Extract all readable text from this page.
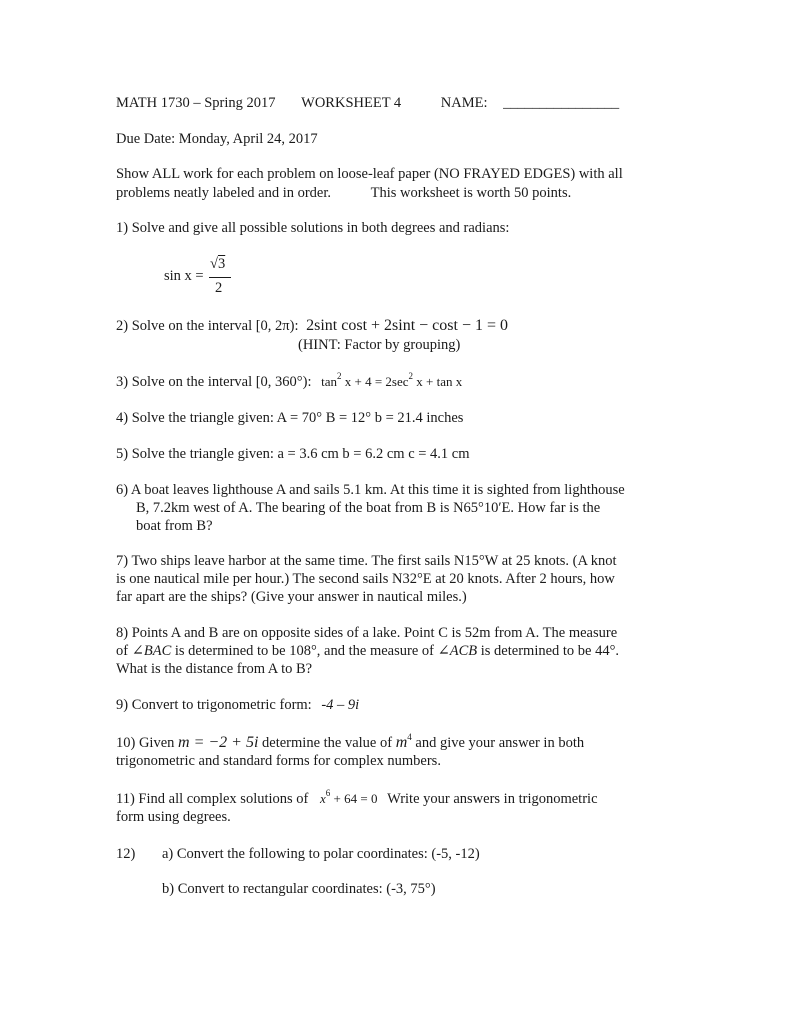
MATH 1730 – Spring 2017 WORKSHEET 4	NAME: ________________
Due Date: Monday, April 24, 2017
Show ALL work for each problem on loose-leaf paper (NO FRAYED EDGES) with all
problems neatly labeled and in order.	This worksheet is worth 50 points.
1) Solve and give all possible solutions in both degrees and radians:
sin x =
√3
2
2) Solve on the interval [0, 2π): 2sint cost + 2sint − cost − 1 = 0
(HINT: Factor by grouping)
3) Solve on the interval [0, 360°): $\tan^2 x + 4 = 2\sec^2$ x + tan x
4) Solve the triangle given: A = 70° B = 12° b = 21.4 inches
5) Solve the triangle given: a = 3.6 cm b = 6.2 cm c = 4.1 cm
6) A boat leaves lighthouse A and sails 5.1 km. At this time it is sighted from lighthouse
B, 7.2km west of A. The bearing of the boat from B is N65°10′E. How far is the
boat from B?
7) Two ships leave harbor at the same time. The first sails N15°W at 25 knots. (A knot
is one nautical mile per hour.) The second sails N32°E at 20 knots. After 2 hours, how
far apart are the ships? (Give your answer in nautical miles.)
8) Points A and B are on opposite sides of a lake. Point C is 52m from A. The measure
of ∠BAC is determined to be 108°, and the measure of ∠ACB is determined to be 44°.
What is the distance from A to B?
9) Convert to trigonometric form: -4 – 9i
10) Given m = −2 + 5i determine the value of $m^4$ and give your answer in both
trigonometric and standard forms for complex numbers.
11) Find all complex solutions of $x^6 + 64 = 0$ Write your answers in trigonometric
form using degrees.
12) a) Convert the following to polar coordinates: (-5, -12)
b) Convert to rectangular coordinates: (-3, 75°)
